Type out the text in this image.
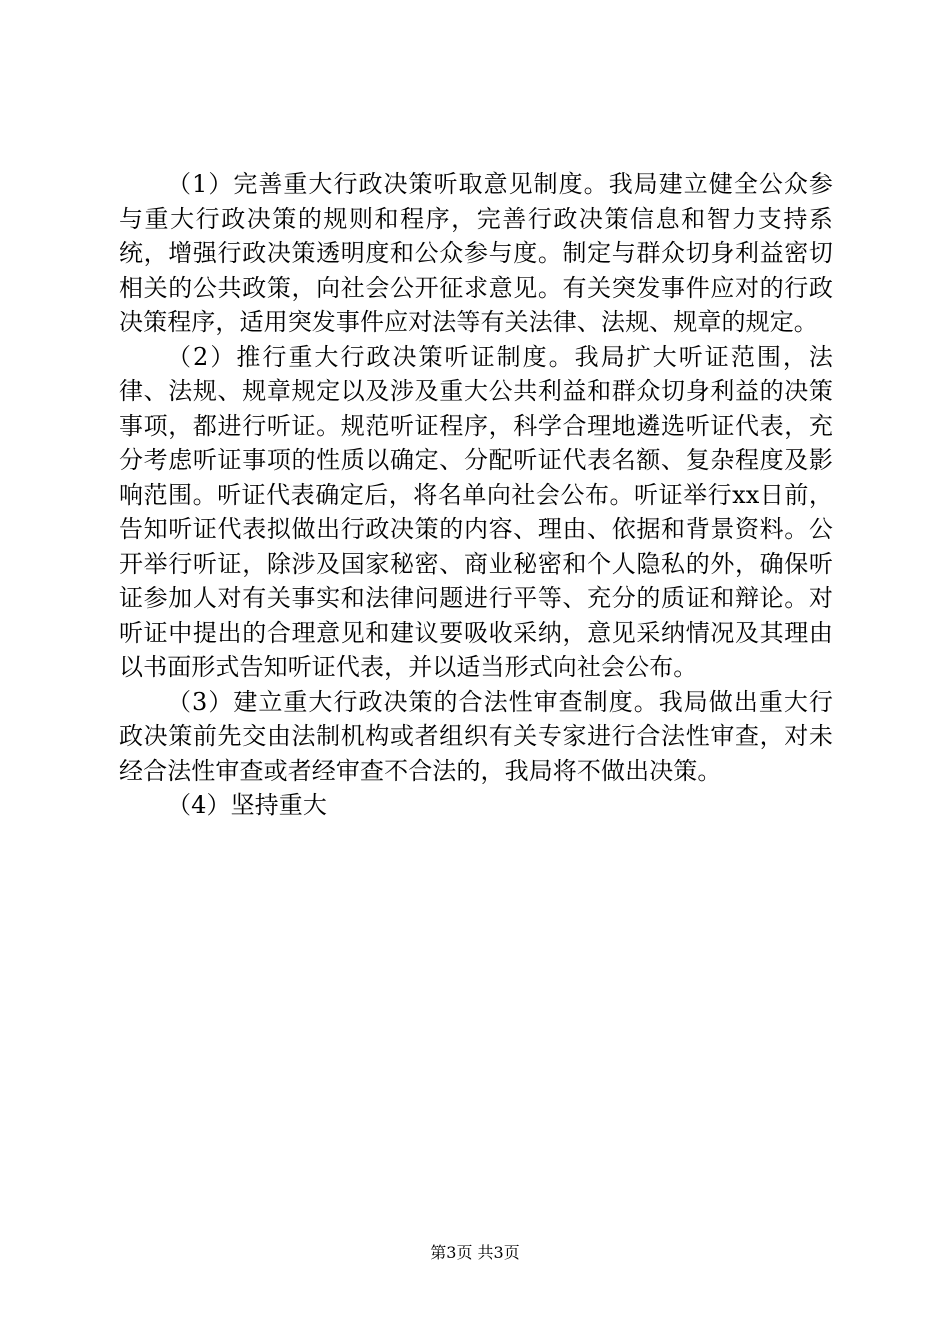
（1）完善重大行政决策听取意见制度。我局建立健全公众参与重大行政决策的规则和程序，完善行政决策信息和智力支持系统，增强行政决策透明度和公众参与度。制定与群众切身利益密切相关的公共政策，向社会公开征求意见。有关突发事件应对的行政决策程序，适用突发事件应对法等有关法律、法规、规章的规定。

（2）推行重大行政决策听证制度。我局扩大听证范围，法律、法规、规章规定以及涉及重大公共利益和群众切身利益的决策事项，都进行听证。规范听证程序，科学合理地遴选听证代表，充分考虑听证事项的性质以确定、分配听证代表名额、复杂程度及影响范围。听证代表确定后，将名单向社会公布。听证举行xx日前，告知听证代表拟做出行政决策的内容、理由、依据和背景资料。公开举行听证，除涉及国家秘密、商业秘密和个人隐私的外，确保听证参加人对有关事实和法律问题进行平等、充分的质证和辩论。对听证中提出的合理意见和建议要吸收采纳，意见采纳情况及其理由以书面形式告知听证代表，并以适当形式向社会公布。

（3）建立重大行政决策的合法性审查制度。我局做出重大行政决策前先交由法制机构或者组织有关专家进行合法性审查，对未经合法性审查或者经审查不合法的，我局将不做出决策。

（4）坚持重大

第3页 共3页
